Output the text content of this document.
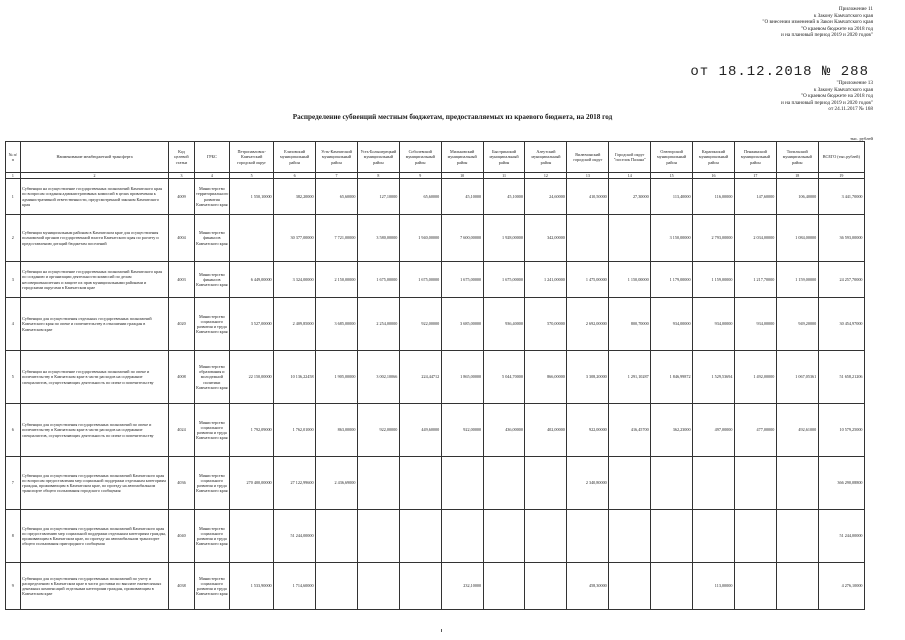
Приложение 11
к Закону Камчатского края
"О внесении изменений в Закон Камчатского края
"О краевом бюджете на 2018 год
и на плановый период 2019 и 2020 годов"
от 18.12.2018 № 288
"Приложение 13
к Закону Камчатского края
"О краевом бюджете на 2018 год
и на плановый период 2019 и 2020 годов"
от 24.11.2017 № 168
Распределение субвенций местным бюджетам, предоставляемых из краевого бюджета, на 2018 год
№ п/п	Наименование межбюджетной трансферта	Код целевой статьи	ГРБС	Петропавловск-Камчатский городской округ	Елизовский муниципальный район	Усть-Камчатский муниципальный район	Усть-Большерецкий муниципальный район	Соболевский муниципальный район	Мильковский муниципальный район	Быстринский муниципальный район	Алеутский муниципальный район	Вилючинский городской округ	Городской округ "поселок Палана"	Олюторский муниципальный район	Карагинский муниципальный район	Пенжинский муниципальный район	Тигильский муниципальный район	ВСЕГО (тыс.рублей)
1	2	3	4	5	6	7	8	9	10	11	12	13	14	15	16	17	18	19
1	Субвенции на осуществление государственных полномочий Камчатского края по вопросам создания административных комиссий в целях привлечения к административной ответственности, предусмотренной законом Камчатского края	4009	Министерство территориального развития Камчатского края	1 550,10000	382,20000	65,60000	127,10000	65,60000	45,10000	45,10000	24,60000	410,50000	27,30000	113,40000	116,00000	147,60000	106,40000	3 441,70000
2	Субвенции муниципальным районам в Камчатском крае для осуществления полномочий органов государственной власти Камчатского края по расчету и предоставлению дотаций бюджетам поселений	4004	Министерство финансов Камчатского края		30 377,00000	7 721,00000	3 580,00000	1 940,00000	7 600,00000	1 928,00000	342,00000			3 150,00000	2 793,00000	2 034,00000	1 084,00000	36 593,00000
3	Субвенции на осуществление государственных полномочий Камчатского края по созданию и организации деятельности комиссий по делам несовершеннолетних и защите их прав муниципальными районами и городскими округами в Камчатском крае	4003	Министерство финансов Камчатского края	6 449,00000	3 324,00000	2 150,00000	1 675,00000	1 675,00000	1 675,00000	1 675,00000	1 241,00000	1 475,00000	1 150,00000	1 179,00000	1 159,00000	1 217,70000	1 159,00000	24 257,70000
4	Субвенции для осуществления отдельных государственных полномочий Камчатского края по опеке и попечительству в отношении граждан в Камчатском крае	4020	Министерство социального развития и труда Камчатского края	3 527,00000	2 409,85000	3 685,00000	2 254,00000	922,00000	3 685,00000	936,40000	570,00000	2 692,00000	800,70000	934,00000	934,00000	934,00000	949,20000	30 454,97000
5	Субвенции на осуществление государственных полномочий по опеке и попечительству в Камчатском крае в части расходов на содержание специалистов, осуществляющих деятельность по опеке и попечительству	4008	Министерство образования и молодежной политики Камчатского края	22 150,00000	10 136,22458	1 905,00000	3 002,10066	224,44712	1 865,00000	5 044,70000	866,00000	3 308,20000	1 291,10287	1 846,99872	1 529,53694	1 492,00000	1 067,05361	51 658,21206
6	Субвенции для осуществления государственных полномочий по опеке и попечительству в Камчатском крае в части расходов на содержание специалистов, осуществляющих деятельность по опеке и попечительству	4024	Министерство социального развития и труда Камчатского края	1 792,09000	1 762,01000	863,00000	922,00000	449,60000	922,00000	436,00000	402,00000	922,00000	416,45700	362,23000	497,00000	477,00000	492,61000	10 579,25000
7	Субвенции для осуществления государственных полномочий Камчатского края по вопросам предоставления мер социальной поддержки отдельным категориям граждан, проживающим в Камчатском крае, по проезду на автомобильном транспорте общего пользования городского сообщения	4036	Министерство социального развития и труда Камчатского края	270 400,00000	27 122,99600	2 436,69000						2 340,80000						366 290,08800
8	Субвенции для осуществления государственных полномочий Камчатского края по предоставлению мер социальной поддержки отдельным категориям граждан, проживающим в Камчатском крае, по проезду на автомобильном транспорте общего пользования пригородного сообщения	4040	Министерство социального развития и труда Камчатского края		51 244,00000													51 244,00000
9	Субвенции для осуществления государственных полномочий по учету и распределению в Камчатском крае в части доставки по выплате ежемесячных денежных компенсаций отдельным категориям граждан, проживающим в Камчатском крае	4038	Министерство социального развития и труда Камчатского края	1 533,90000	1 714,60000				232,10000			458,30000			113,00000			4 276,10000
тыс. рублей
